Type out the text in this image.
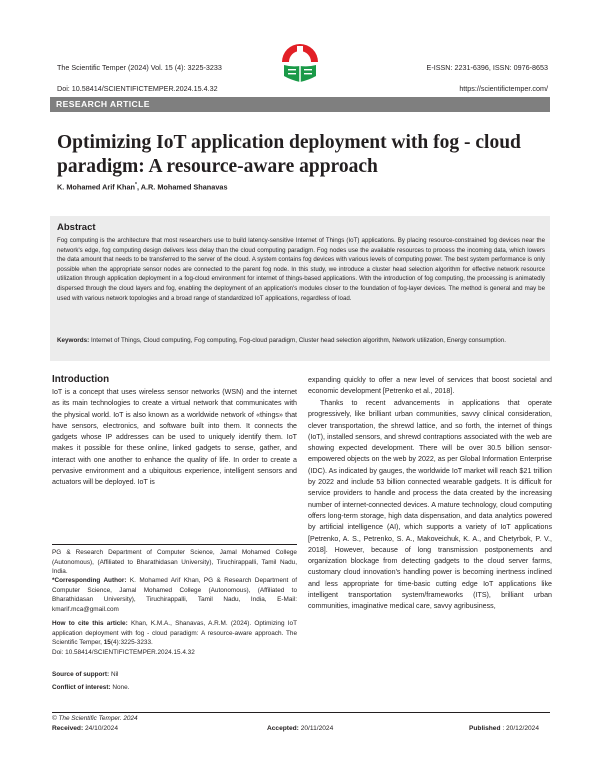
The Scientific Temper (2024) Vol. 15 (4): 3225-3233	E-ISSN: 2231-6396, ISSN: 0976-8653
Doi: 10.58414/SCIENTIFICTEMPER.2024.15.4.32	https://scientifictemper.com/
RESEARCH ARTICLE
Optimizing IoT application deployment with fog - cloud paradigm: A resource-aware approach
K. Mohamed Arif Khan*, A.R. Mohamed Shanavas
Abstract

Fog computing is the architecture that most researchers use to build latency-sensitive Internet of Things (IoT) applications. By placing resource-constrained fog devices near the network's edge, fog computing design delivers less delay than the cloud computing paradigm. Fog nodes use the available resources to process the incoming data, which lowers the data amount that needs to be transferred to the server of the cloud. A system contains fog devices with various levels of computing power. The best system performance is only possible when the appropriate sensor nodes are connected to the parent fog node. In this study, we introduce a cluster head selection algorithm for effective network resource utilization through application deployment in a fog-cloud environment for internet of things-based applications. With the introduction of fog computing, the processing is animatedly dispersed through the cloud layers and fog, enabling the deployment of an application's modules closer to the foundation of fog-layer devices. The method is general and may be used with various network topologies and a broad range of standardized IoT applications, regardless of load.

Keywords: Internet of Things, Cloud computing, Fog computing, Fog-cloud paradigm, Cluster head selection algorithm, Network utilization, Energy consumption.

Introduction

IoT is a concept that uses wireless sensor networks (WSN) and the internet as its main technologies to create a virtual network that communicates with the physical world. IoT is also known as a worldwide network of «things» that have sensors, electronics, and software built into them. It connects the gadgets whose IP addresses can be used to uniquely identify them. IoT makes it possible for these online, linked gadgets to sense, gather, and interact with one another to enhance the quality of life. In order to create a pervasive environment and a ubiquitous experience, intelligent sensors and actuators will be deployed. IoT is

expanding quickly to offer a new level of services that boost societal and economic development [Petrenko et al., 2018].

Thanks to recent advancements in applications that operate progressively, like brilliant urban communities, savvy clinical consideration, clever transportation, the shrewd lattice, and so forth, the internet of things (IoT), installed sensors, and shrewd contraptions associated with the web are showing expected development. There will be over 30.5 billion sensor-empowered objects on the web by 2022, as per Global Information Enterprise (IDC). As indicated by gauges, the worldwide IoT market will reach $21 trillion by 2022 and include 53 billion connected wearable gadgets. It is difficult for service providers to handle and process the data created by the increasing number of internet-connected devices. A mature technology, cloud computing offers long-term storage, high data dispensation, and data analytics powered by artificial intelligence (AI), which supports a variety of IoT applications [Petrenko, A. S., Petrenko, S. A., Makoveichuk, K. A., and Chetyrbok, P. V., 2018]. However, because of long transmission postponements and organization blockage from detecting gadgets to the cloud server farms, customary cloud innovation's handling power is becoming inertness inclined and less appropriate for time-basic cutting edge IoT applications like intelligent transportation system/frameworks (ITS), brilliant urban communities, imaginative medical care, savvy agribusiness,

PG & Research Department of Computer Science, Jamal Mohamed College (Autonomous), (Affiliated to Bharathidasan University), Tiruchirappalli, Tamil Nadu, India.

*Corresponding Author: K. Mohamed Arif Khan, PG & Research Department of Computer Science, Jamal Mohamed College (Autonomous), (Affiliated to Bharathidasan University), Tiruchirappalli, Tamil Nadu, India, E-Mail: kmarif.mca@gmail.com

How to cite this article: Khan, K.M.A., Shanavas, A.R.M. (2024). Optimizing IoT application deployment with fog - cloud paradigm: A resource-aware approach. The Scientific Temper, 15(4):3225-3233.
Doi: 10.58414/SCIENTIFICTEMPER.2024.15.4.32

Source of support: Nil

Conflict of interest: None.

© The Scientific Temper. 2024
Received: 24/10/2024	Accepted: 20/11/2024	Published : 20/12/2024
